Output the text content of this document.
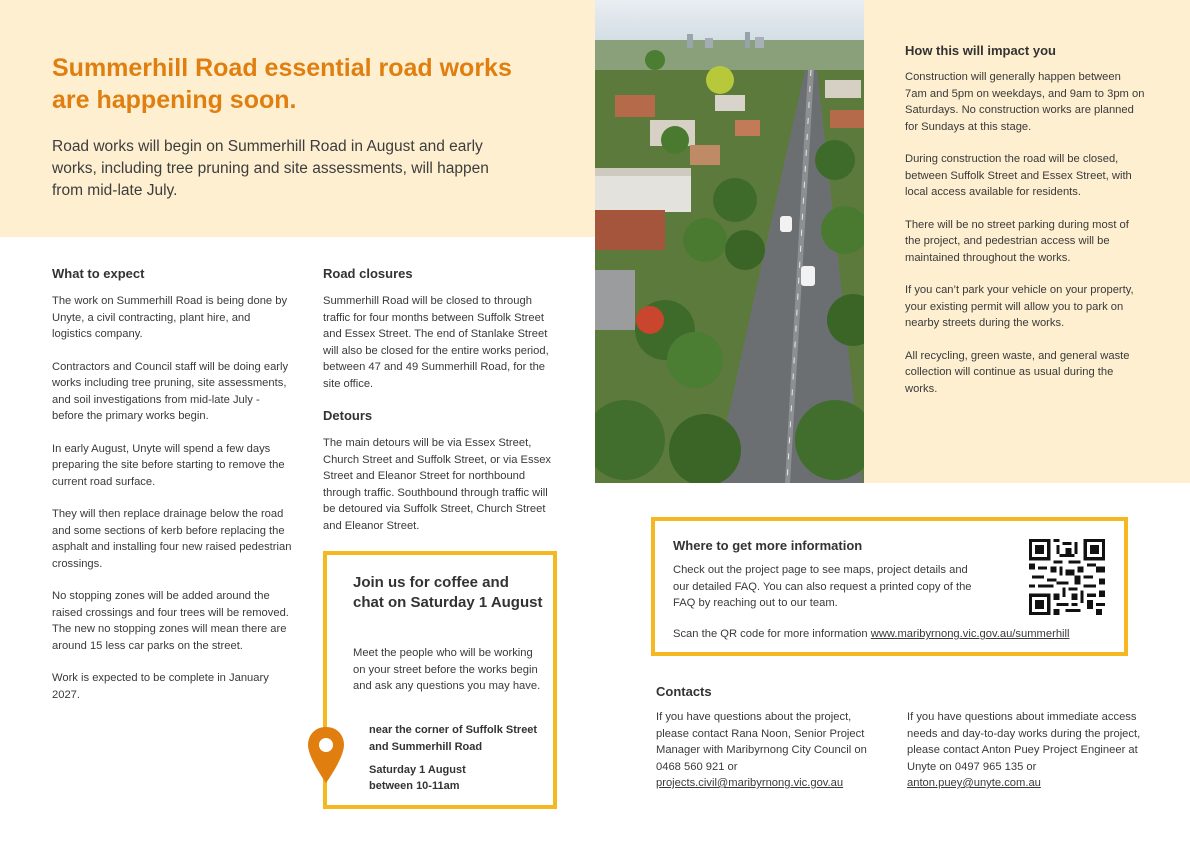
Summerhill Road essential road works are happening soon.

Road works will begin on Summerhill Road in August and early works, including tree pruning and site assessments, will happen from mid-late July.

What to expect

The work on Summerhill Road is being done by Unyte, a civil contracting, plant hire, and logistics company.

Contractors and Council staff will be doing early works including tree pruning, site assessments, and soil investigations from mid-late July - before the primary works begin.

In early August, Unyte will spend a few days preparing the site before starting to remove the current road surface.

They will then replace drainage below the road and some sections of kerb before replacing the asphalt and installing four new raised pedestrian crossings.

No stopping zones will be added around the raised crossings and four trees will be removed. The new no stopping zones will mean there are around 15 less car parks on the street.

Work is expected to be complete in January 2027.

Road closures

Summerhill Road will be closed to through traffic for four months between Suffolk Street and Essex Street. The end of Stanlake Street will also be closed for the entire works period, between 47 and 49 Summerhill Road, for the site office.

Detours

The main detours will be via Essex Street, Church Street and Suffolk Street, or via Essex Street and Eleanor Street for northbound through traffic. Southbound through traffic will be detoured via Suffolk Street, Church Street and Eleanor Street.

Join us for coffee and chat on Saturday 1 August
Meet the people who will be working on your street before the works begin and ask any questions you may have.
near the corner of Suffolk Street and Summerhill Road
Saturday 1 August
between 10-11am
How this will impact you

Construction will generally happen between 7am and 5pm on weekdays, and 9am to 3pm on Saturdays. No construction works are planned for Sundays at this stage.

During construction the road will be closed, between Suffolk Street and Essex Street, with local access available for residents.

There will be no street parking during most of the project, and pedestrian access will be maintained throughout the works.

If you can’t park your vehicle on your property, your existing permit will allow you to park on nearby streets during the works.

All recycling, green waste, and general waste collection will continue as usual during the works.

Where to get more information
Check out the project page to see maps, project details and our detailed FAQ. You can also request a printed copy of the FAQ by reaching out to our team.
Scan the QR code for more information www.maribyrnong.vic.gov.au/summerhill
Contacts
If you have questions about the project, please contact Rana Noon, Senior Project Manager with Maribyrnong City Council on 0468 560 921 or projects.civil@maribyrnong.vic.gov.au
If you have questions about immediate access needs and day-to-day works during the project, please contact Anton Puey Project Engineer at Unyte on 0497 965 135 or anton.puey@unyte.com.au
